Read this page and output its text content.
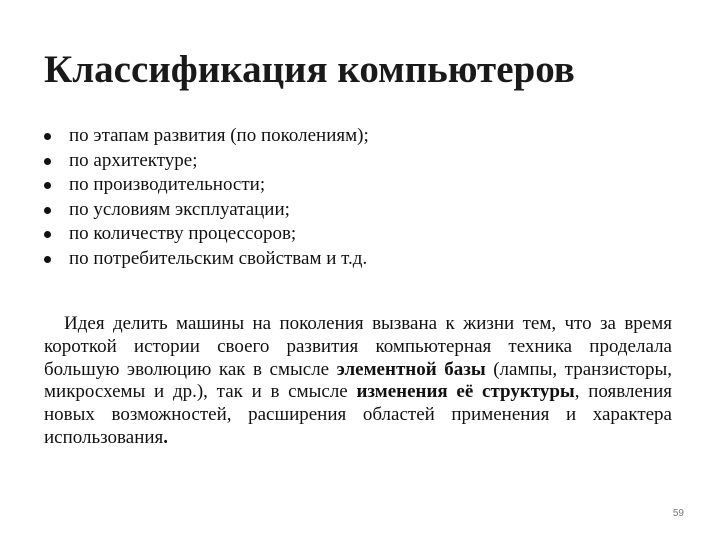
Классификация компьютеров
по этапам развития (по поколениям);
по архитектуре;
по производительности;
по условиям эксплуатации;
по количеству процессоров;
по потребительским свойствам и т.д.

Идея делить машины на поколения вызвана к жизни тем, что за время короткой истории своего развития компьютерная техника проделала большую эволюцию как в смысле элементной базы (лампы, транзисторы, микросхемы и др.), так и в смысле изменения её структуры, появления новых возможностей, расширения областей применения и характера использования.

59
